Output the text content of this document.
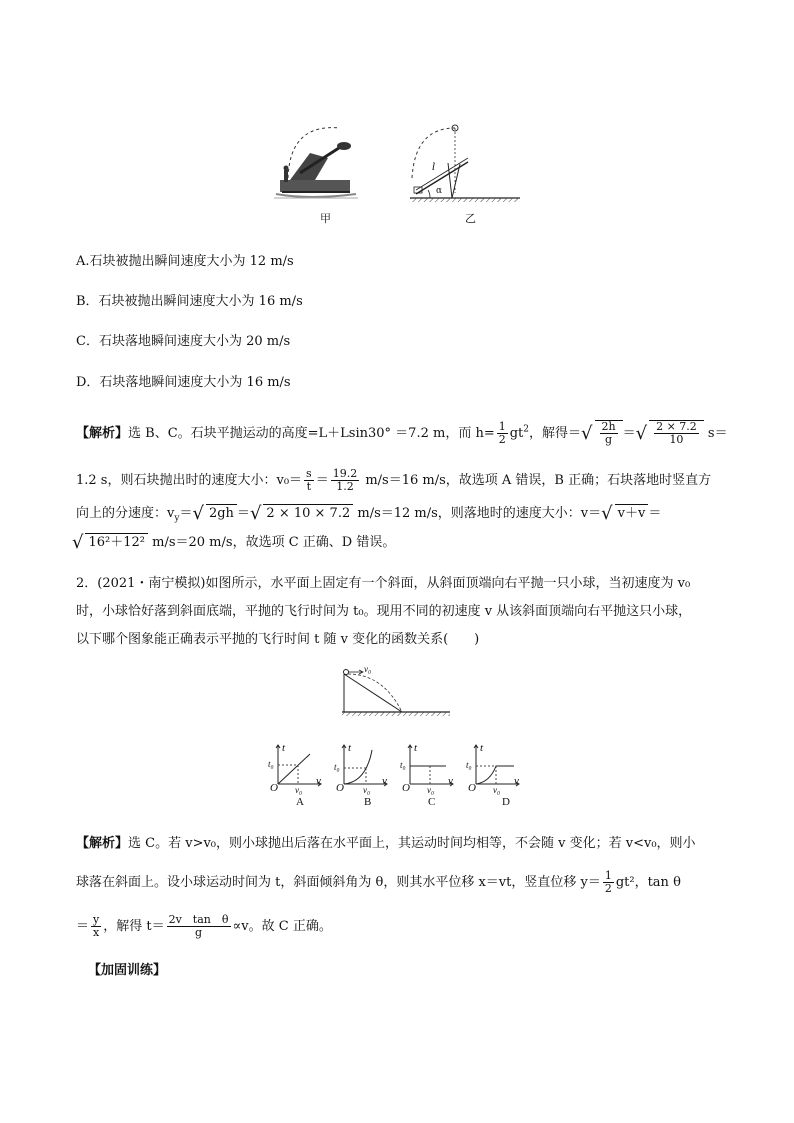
甲	乙
l
α
A.石块被抛出瞬间速度大小为 12 m/s
B．石块被抛出瞬间速度大小为 16 m/s
C．石块落地瞬间速度大小为 20 m/s
D．石块落地瞬间速度大小为 16 m/s
【解析】选 B、C。石块平抛运动的高度=L＋Lsin30° ＝7.2 m，而 $h= \frac{1}{2} gt^2$，解得＝√ $\frac{2h}{g}$ ＝√ $\frac{2 \times 7.2}{10} s=$
1.2 s，则石块抛出时的速度大小：$v_0= \frac{s}{t} = \frac{19.2}{1.2} m/s=16$ m/s，故选项 A 错误，B 正确；石块落地时竖直方
向上的分速度：$v_y=√$ 2gh ＝√ 2 × 10 × 7.2 m/s＝12 m/s，则落地时的速度大小：v＝√ v＋v ＝
√ 16²＋12² m/s＝20 m/s，故选项 C 正确、D 错误。
2．(2021・南宁模拟)如图所示，水平面上固定有一个斜面，从斜面顶端向右平抛一只小球，当初速度为 v₀
时，小球恰好落到斜面底端，平抛的飞行时间为 t₀。现用不同的初速度 v 从该斜面顶端向右平抛这只小球，
以下哪个图象能正确表示平抛的飞行时间 t 随 v 变化的函数关系(　　)
v₀
O
t
t₀
v₀
v
A
O
t
t₀
v₀
v
B
O
t
t₀
v₀
v
C
O
t
t₀
v₀
v
D
【解析】选 C。若 v>v₀，则小球抛出后落在水平面上，其运动时间均相等，不会随 v 变化；若 v<v₀，则小
球落在斜面上。设小球运动时间为 t，斜面倾斜角为 θ，则其水平位移 x＝vt，竖直位移 $y= \frac{1}{2} gt^2$，tan θ
＝ $\frac{y}{x}$ ，解得 $t= \frac{\text{2v　tan　θ}}{g} \propto v$。故 C 正确。
【加固训练】
